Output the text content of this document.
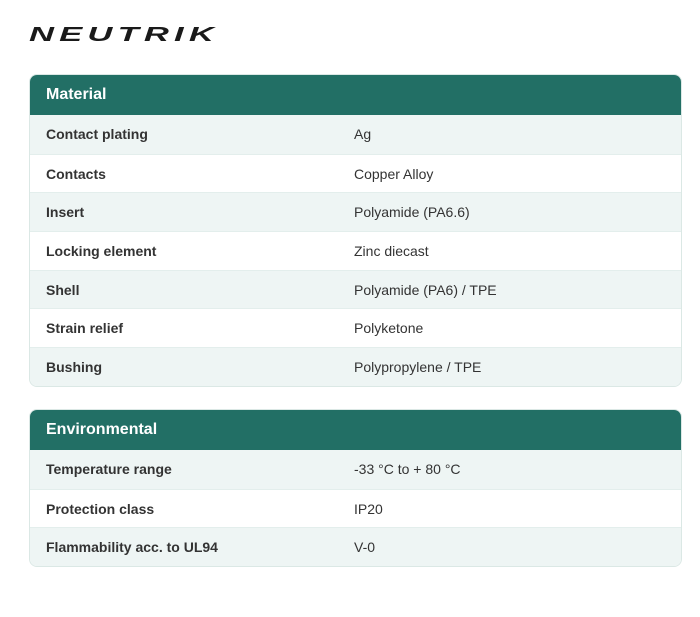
NEUTRIK
Material
Contact plating	Ag
Contacts	Copper Alloy
Insert	Polyamide (PA6.6)
Locking element	Zinc diecast
Shell	Polyamide (PA6) / TPE
Strain relief	Polyketone
Bushing	Polypropylene / TPE
Environmental
Temperature range	-33 °C to + 80 °C
Protection class	IP20
Flammability acc. to UL94	V-0
